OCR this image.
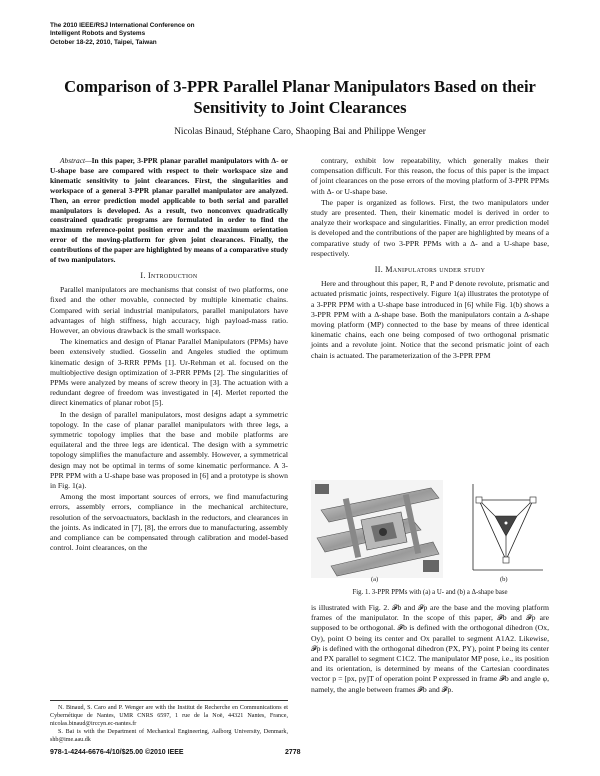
The 2010 IEEE/RSJ International Conference on
Intelligent Robots and Systems
October 18-22, 2010, Taipei, Taiwan
Comparison of 3-PPR Parallel Planar Manipulators Based on their Sensitivity to Joint Clearances
Nicolas Binaud, Stéphane Caro, Shaoping Bai and Philippe Wenger
Abstract—In this paper, 3-PPR planar parallel manipulators with Δ- or U-shape base are compared with respect to their workspace size and kinematic sensitivity to joint clearances. First, the singularities and workspace of a general 3-PPR planar parallel manipulator are analyzed. Then, an error prediction model applicable to both serial and parallel manipulators is developed. As a result, two nonconvex quadratically constrained quadratic programs are formulated in order to find the maximum reference-point position error and the maximum orientation error of the moving-platform for given joint clearances. Finally, the contributions of the paper are highlighted by means of a comparative study of two manipulators.
I. Introduction
Parallel manipulators are mechanisms that consist of two platforms, one fixed and the other movable, connected by multiple kinematic chains. Compared with serial industrial manipulators, parallel manipulators have advantages of high stiffness, high accuracy, high payload-mass ratio. However, an obvious drawback is the small workspace.
The kinematics and design of Planar Parallel Manipulators (PPMs) have been extensively studied. Gosselin and Angeles studied the optimum kinematic design of 3-RRR PPMs [1]. Ur-Rehman et al. focused on the multiobjective design optimization of 3-PRR PPMs [2]. The singularities of PPMs were analyzed by means of screw theory in [3]. The actuation with a redundant degree of freedom was investigated in [4]. Merlet reported the direct kinematics of planar robot [5].
In the design of parallel manipulators, most designs adapt a symmetric topology. In the case of planar parallel manipulators with three legs, a symmetric topology implies that the base and mobile platforms are equilateral and the three legs are identical. The design with a symmetric topology simplifies the manufacture and assembly. However, a symmetrical design may not be optimal in terms of some kinematic performance. A 3-PPR PPM with a U-shape base was proposed in [6] and a prototype is shown in Fig. 1(a).
Among the most important sources of errors, we find manufacturing errors, assembly errors, compliance in the mechanical architecture, resolution of the servoactuators, backlash in the reductors, and clearances in the joints. As indicated in [7], [8], the errors due to manufacturing, assembly and compliance can be compensated through calibration and model-based control. Joint clearances, on the
N. Binaud, S. Caro and P. Wenger are with the Institut de Recherche en Communications et Cybernétique de Nantes, UMR CNRS 6597, 1 rue de la Noë, 44321 Nantes, France, nicolas.binaud@irccyn.ec-nantes.fr
S. Bai is with the Department of Mechanical Engineering, Aalborg University, Denmark, shb@ime.aau.dk
contrary, exhibit low repeatability, which generally makes their compensation difficult. For this reason, the focus of this paper is the impact of joint clearances on the pose errors of the moving platform of 3-PPR PPMs with Δ- or U-shape base.
The paper is organized as follows. First, the two manipulators under study are presented. Then, their kinematic model is derived in order to analyze their workspace and singularities. Finally, an error prediction model is developed and the contributions of the paper are highlighted by means of a comparative study of two 3-PPR PPMs with a Δ- and a U-shape base, respectively.
II. Manipulators under study
Here and throughout this paper, R, P and P denote revolute, prismatic and actuated prismatic joints, respectively. Figure 1(a) illustrates the prototype of a 3-PPR PPM with a U-shape base introduced in [6] while Fig. 1(b) shows a 3-PPR PPM with a Δ-shape base. Both the manipulators contain a Δ-shape moving platform (MP) connected to the base by means of three identical kinematic chains, each one being composed of two orthogonal prismatic joints and a revolute joint. Notice that the second prismatic joint of each chain is actuated. The parameterization of the 3-PPR PPM
(a)	(b)
Fig. 1. 3-PPR PPMs with (a) a U- and (b) a Δ-shape base
is illustrated with Fig. 2. 𝓕b and 𝓕p are the base and the moving platform frames of the manipulator. In the scope of this paper, 𝓕b and 𝓕p are supposed to be orthogonal. 𝓕b is defined with the orthogonal dihedron (Ox, Oy), point O being its center and Ox parallel to segment A1A2. Likewise, 𝓕p is defined with the orthogonal dihedron (PX, PY), point P being its center and PX parallel to segment C1C2. The manipulator MP pose, i.e., its position and its orientation, is determined by means of the Cartesian coordinates vector p = [px, py]T of operation point P expressed in frame 𝓕b and angle φ, namely, the angle between frames 𝓕b and 𝓕p.
978-1-4244-6676-4/10/$25.00 ©2010 IEEE	2778
